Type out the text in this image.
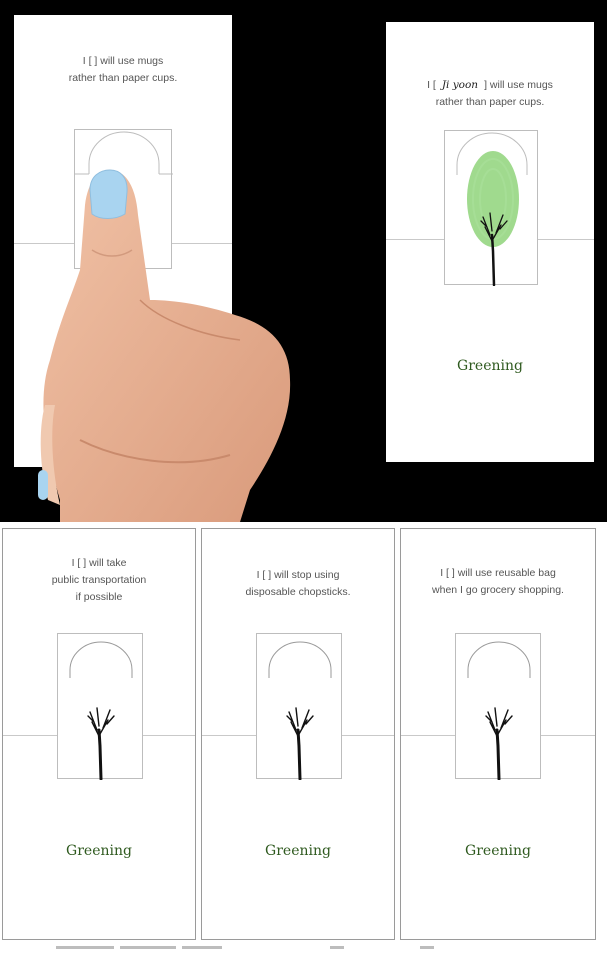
I [ ] will use mugs
rather than paper cups.

I [ Ji yoon ] will use mugs
rather than paper cups.

Greening
I [ ] will take
public transportation
if possible
Greening
I [ ] will stop using
disposable chopsticks.
Greening
I [ ] will use reusable bag
when I go grocery shopping.
Greening
